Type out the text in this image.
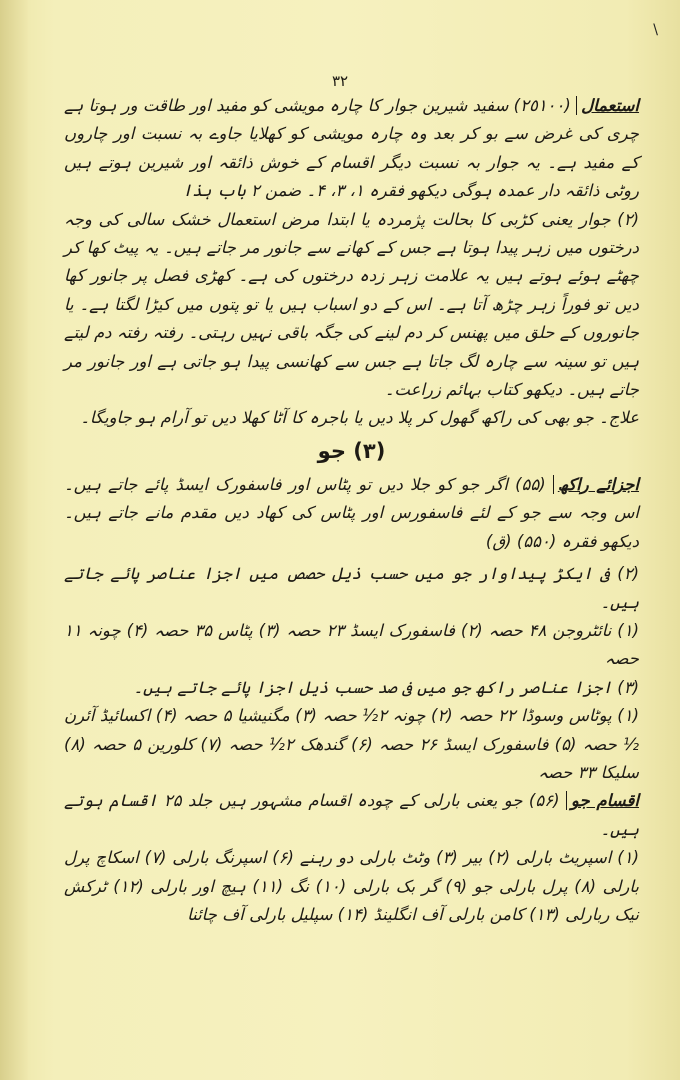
\
٣٢

استعمال (٢٥١٠٠) سفید شیرین جوار کا چارہ مویشی کو مفید اور طاقت ور ہوتا ہے چری کی غرض سے بو کر بعد وہ چارہ مویشی کو کھلایا جاوے بہ نسبت اور چاروں کے مفید ہے۔ یہ جوار بہ نسبت دیگر اقسام کے خوش ذائقہ اور شیرین ہوتے ہیں روٹی ذائقہ دار عمدہ ہوگی دیکھو فقرہ ۱، ۳، ۴۔ ضمن ۲ باب ہذا

(۲) جوار یعنی کڑبی کا بحالت پژمردہ یا ابتدا مرض استعمال خشک سالی کی وجہ درختوں میں زہر پیدا ہوتا ہے جس کے کھانے سے جانور مر جاتے ہیں۔ یہ پیٹ کھا کر چھٹے ہوئے ہوتے ہیں یہ علامت زہر زدہ درختوں کی ہے۔ کھڑی فصل پر جانور کھا دیں تو فوراً زہر چڑھ آتا ہے۔ اس کے دو اسباب ہیں یا تو پتوں میں کیڑا لگتا ہے۔ یا جانوروں کے حلق میں پھنس کر دم لینے کی جگہ باقی نہیں رہتی۔ رفتہ رفتہ دم لیتے ہیں تو سینہ سے چارہ لگ جاتا ہے جس سے کھانسی پیدا ہو جاتی ہے اور جانور مر جاتے ہیں۔ دیکھو کتاب بہائم زراعت۔

علاج۔ جو بھی کی راکھ گھول کر پلا دیں یا باجرہ کا آٹا کھلا دیں تو آرام ہو جاویگا۔

(۳) جو

اجزائے راکھ (۵۵) اگر جو کو جلا دیں تو پٹاس اور فاسفورک ایسڈ پائے جاتے ہیں۔ اس وجہ سے جو کے لئے فاسفورس اور پٹاس کی کھاد دیں مقدم مانے جاتے ہیں۔ دیکھو فقرہ (۵۵۰) (ق)

(۲) فی ایکڑ پیداوار جو میں حسب ذیل حصص میں اجزا عناصر پائے جاتے ہیں۔

(۱) نائٹروجن ۴۸ حصہ (۲) فاسفورک ایسڈ ۲۳ حصہ (۳) پٹاس ۳۵ حصہ (۴) چونہ ۱۱ حصہ

(۳) اجزا عناصر راکھ جو میں فی صد حسب ذیل اجزا پائے جاتے ہیں۔

(۱) پوٹاس وسوڈا ۲۲ حصہ (۲) چونہ ۲½ حصہ (۳) مگنیشیا ۵ حصہ (۴) اکسائیڈ آئرن ½ حصہ (۵) فاسفورک ایسڈ ۲۶ حصہ (۶) گندھک ۲½ حصہ (۷) کلورین ۵ حصہ (۸) سلیکا ۳۳ حصہ

اقسام جو (۵۶) جو یعنی بارلی کے چودہ اقسام مشہور ہیں جلد ۲۵ اقسام ہوتے ہیں۔

(۱) اسپریٹ بارلی (۲) بیر (۳) وٹٹ بارلی دو رہنے (۶) اسپرنگ بارلی (۷) اسکاچ پرل بارلی (۸) پرل بارلی جو (۹) گر بک بارلی (۱۰) نگ (۱۱) ہیچ اور بارلی (۱۲) ٹرکش نیک ربارلی (۱۳) کامن بارلی آف انگلینڈ (۱۴) سپلیل بارلی آف چائنا
